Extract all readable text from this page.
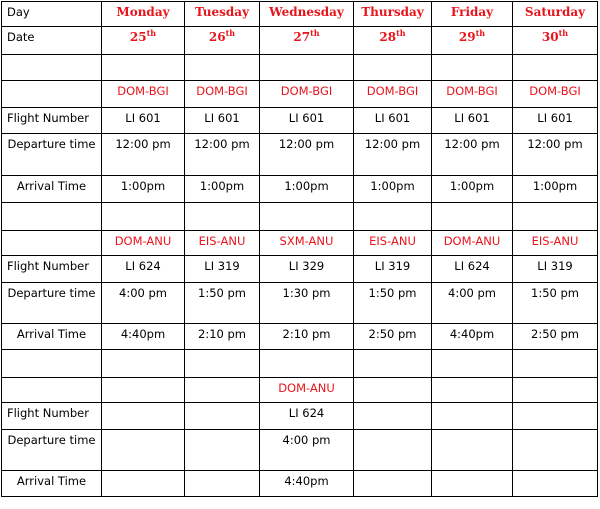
Day	Monday	Tuesday	Wednesday	Thursday	Friday	Saturday

Date	25th	26th	27th	28th	29th	30th

	DOM-BGI	DOM-BGI	DOM-BGI	DOM-BGI	DOM-BGI	DOM-BGI

Flight Number	LI 601	LI 601	LI 601	LI 601	LI 601	LI 601

Departure time	12:00 pm	12:00 pm	12:00 pm	12:00 pm	12:00 pm	12:00 pm

Arrival Time	1:00pm	1:00pm	1:00pm	1:00pm	1:00pm	1:00pm

	DOM-ANU	EIS-ANU	SXM-ANU	EIS-ANU	DOM-ANU	EIS-ANU

Flight Number	LI 624	LI 319	LI 329	LI 319	LI 624	LI 319

Departure time	4:00 pm	1:50 pm	1:30 pm	1:50 pm	4:00 pm	1:50 pm

Arrival Time	4:40pm	2:10 pm	2:10 pm	2:50 pm	4:40pm	2:50 pm

			DOM-ANU			

Flight Number			LI 624			

Departure time			4:00 pm			

Arrival Time			4:40pm			
